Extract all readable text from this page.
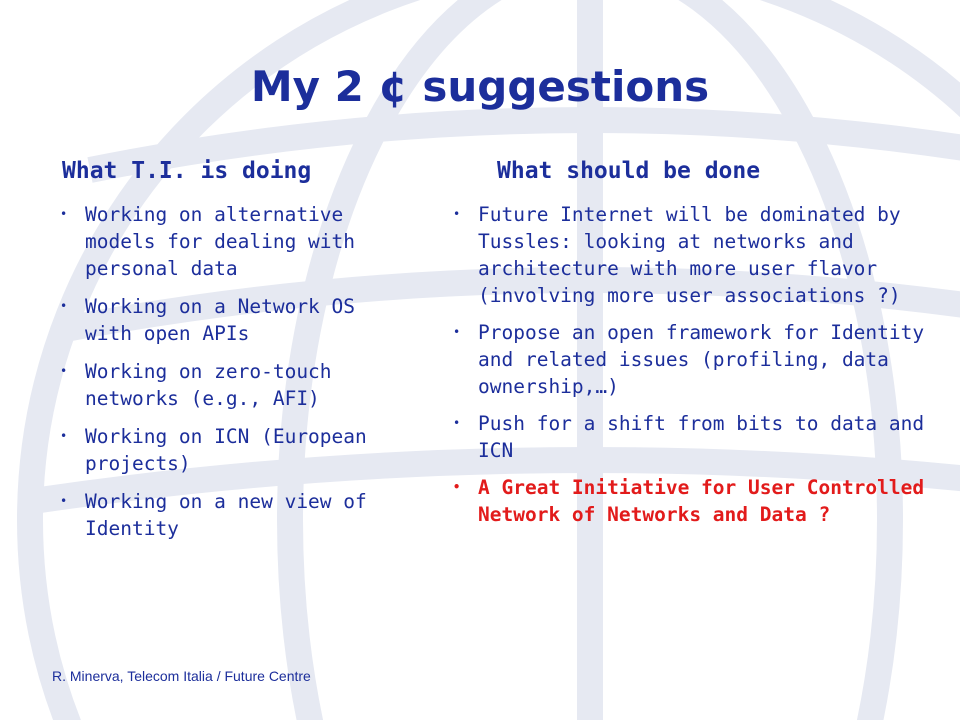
My 2 ¢ suggestions
What T.I. is doing	What should be done
• Working on alternative models for dealing with personal data
• Working on a Network OS with open APIs
• Working on zero-touch networks (e.g., AFI)
• Working on ICN (European projects)
• Working on a new view of Identity
• Future Internet will be dominated by Tussles: looking at networks and architecture with more user flavor (involving more user associations ?)
• Propose an open framework for Identity and related issues (profiling, data ownership,…)
• Push for a shift from bits to data and ICN
• A Great Initiative for User Controlled Network of Networks and Data ?

R. Minerva, Telecom Italia / Future Centre
